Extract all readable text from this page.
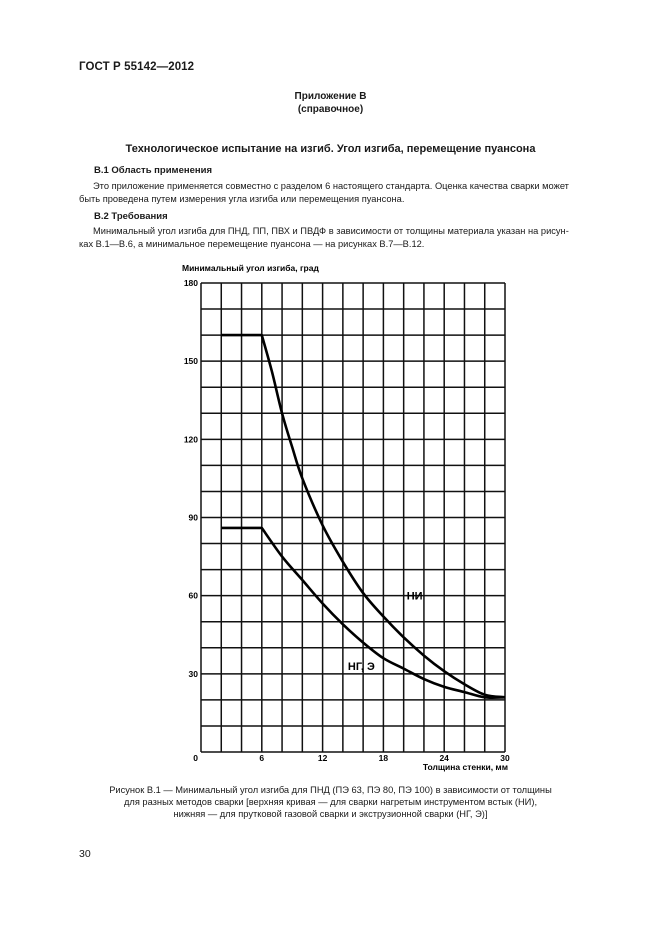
ГОСТ Р 55142—2012
Приложение В
(справочное)
Технологическое испытание на изгиб. Угол изгиба, перемещение пуансона
В.1 Область применения
Это приложение применяется совместно с разделом 6 настоящего стандарта. Оценка качества сварки может
быть проведена путем измерения угла изгиба или перемещения пуансона.
В.2 Требования
Минимальный угол изгиба для ПНД, ПП, ПВХ и ПВДФ в зависимости от толщины материала указан на рисун-
ках В.1—В.6, а минимальное перемещение пуансона — на рисунках В.7—В.12.
Минимальный угол изгиба, град
30
60
90
120
150
180
0	6	12	18	24	30
НИ
НГ, Э
Толщина стенки, мм
Рисунок В.1 — Минимальный угол изгиба для ПНД (ПЭ 63, ПЭ 80, ПЭ 100) в зависимости от толщины
для разных методов сварки [верхняя кривая — для сварки нагретым инструментом встык (НИ),
нижняя — для прутковой газовой сварки и экструзионной сварки (НГ, Э)]
30
